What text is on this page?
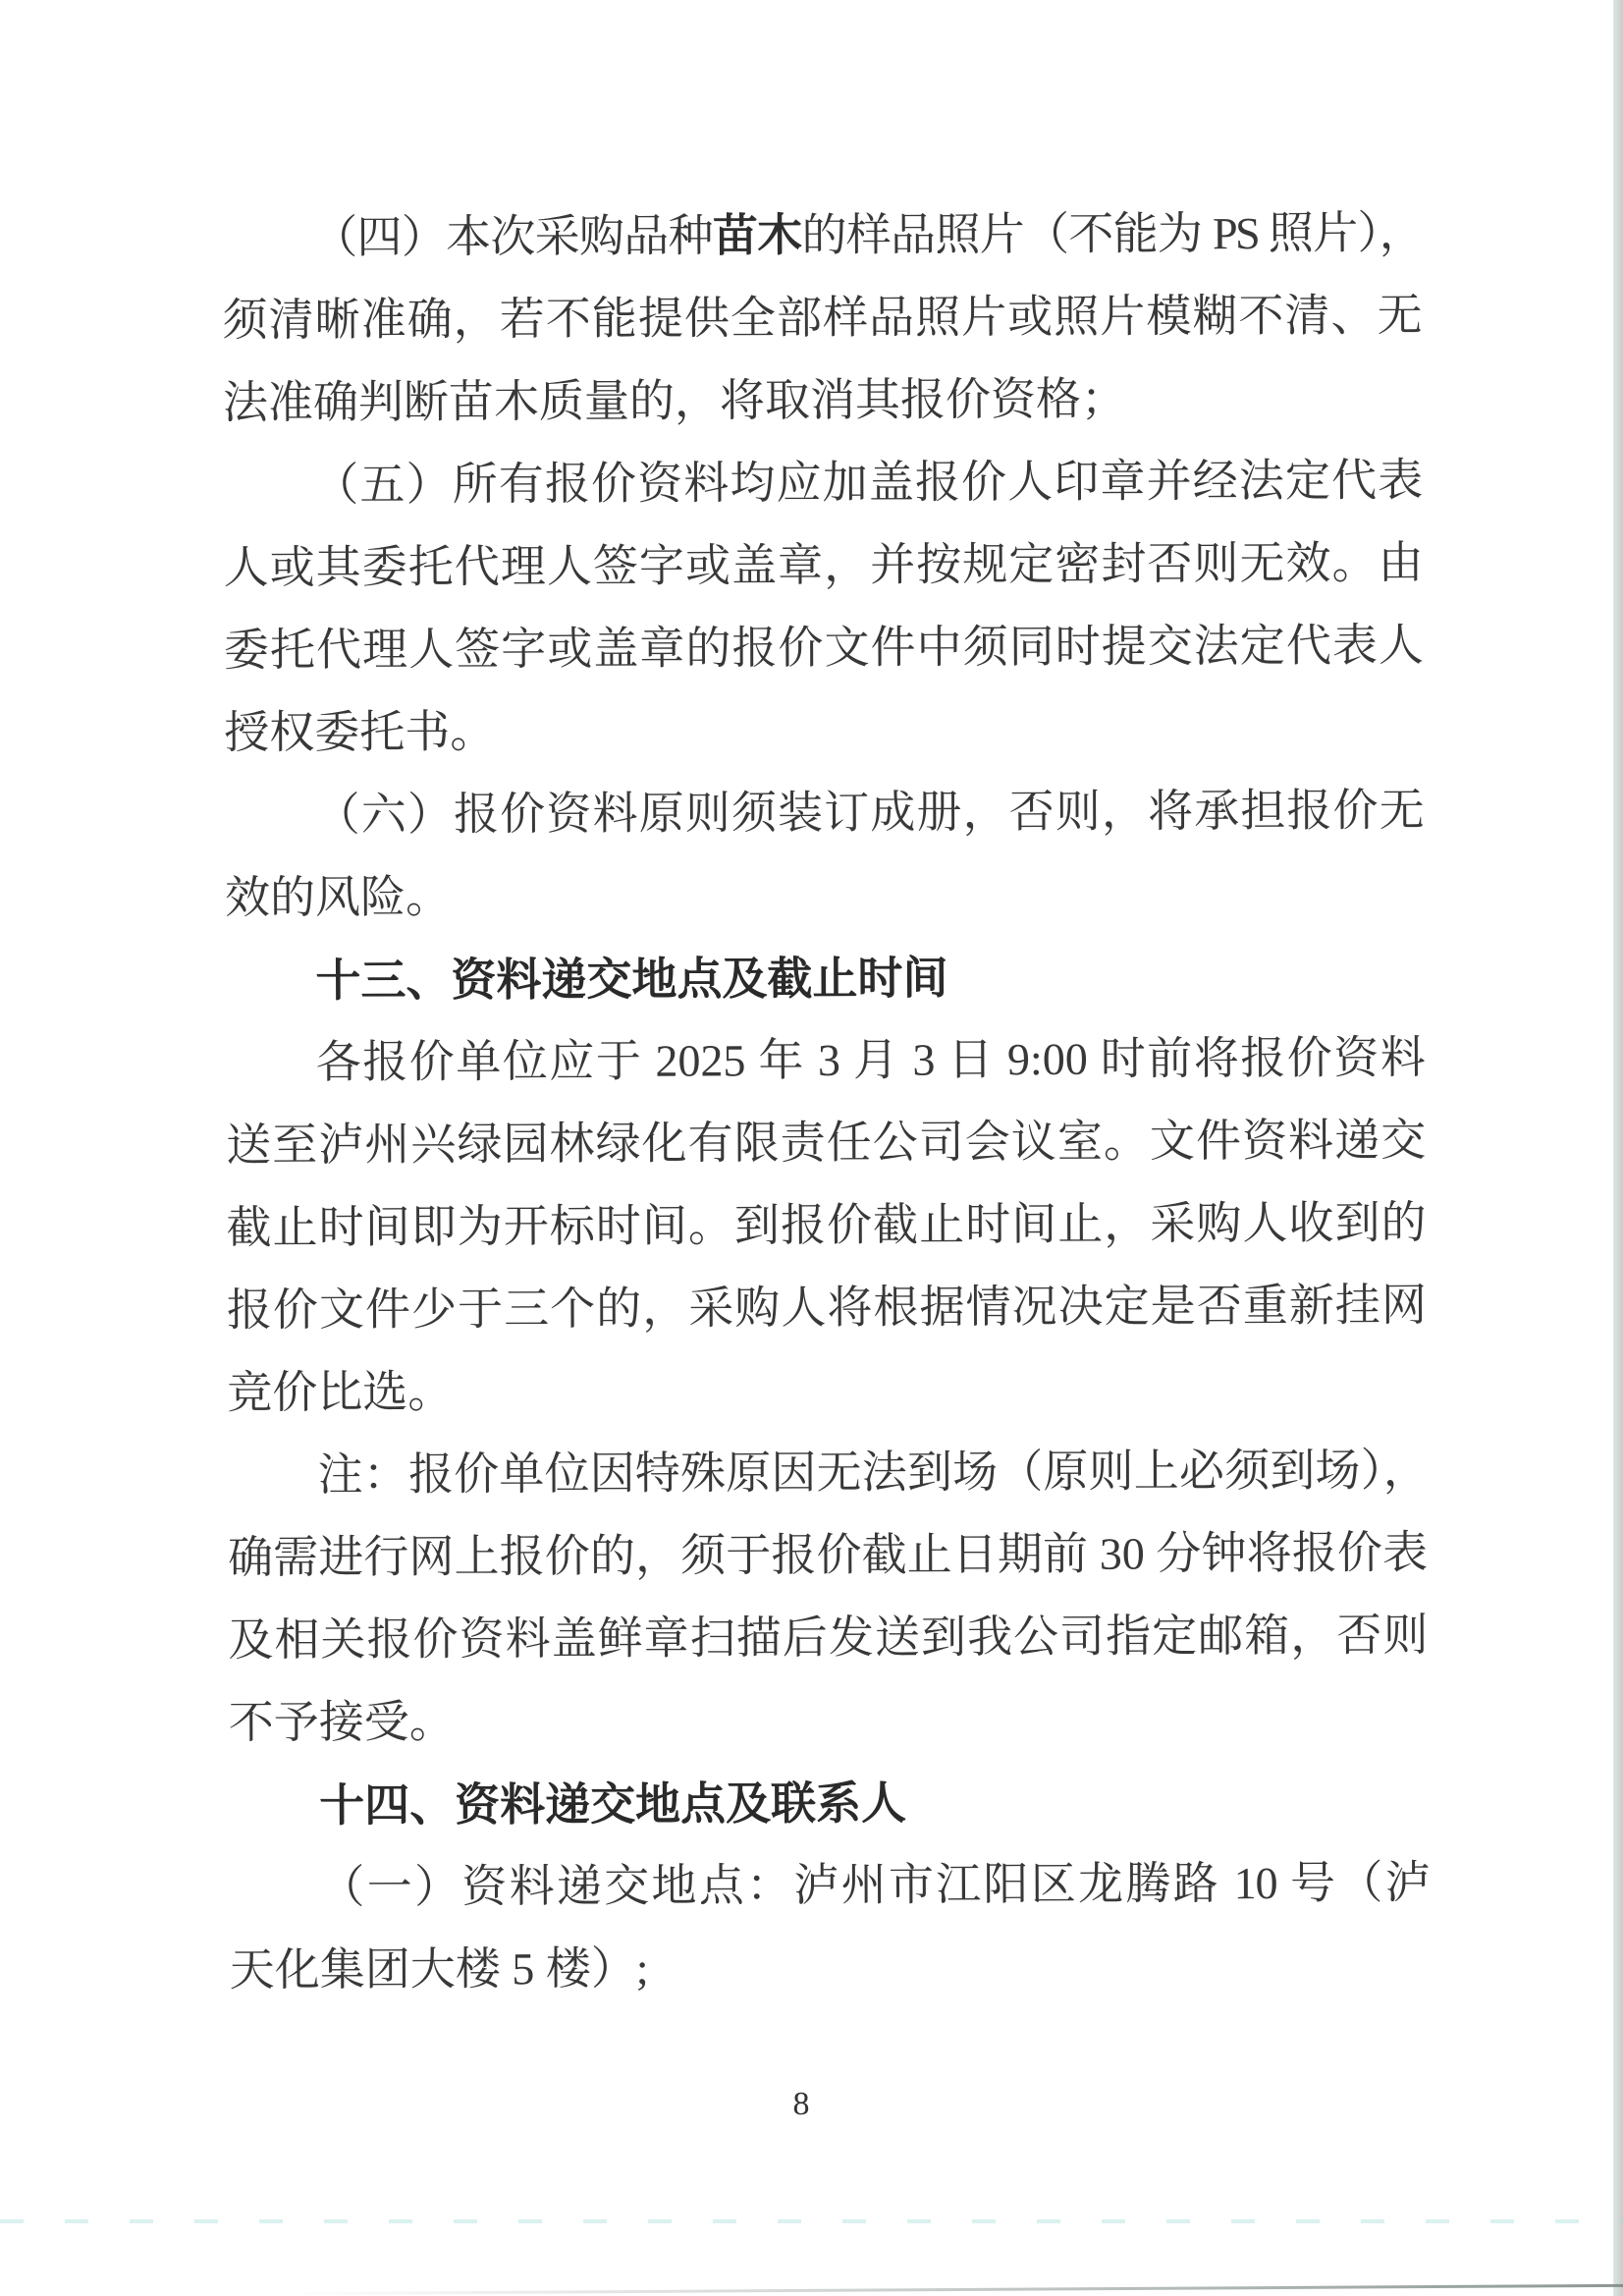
（四）本次采购品种苗木的样品照片（不能为 PS 照片），
须清晰准确，若不能提供全部样品照片或照片模糊不清、无
法准确判断苗木质量的，将取消其报价资格；
（五）所有报价资料均应加盖报价人印章并经法定代表
人或其委托代理人签字或盖章，并按规定密封否则无效。由
委托代理人签字或盖章的报价文件中须同时提交法定代表人
授权委托书。
（六）报价资料原则须装订成册，否则，将承担报价无
效的风险。
十三、资料递交地点及截止时间
各报价单位应于 2025 年 3 月 3 日 9:00 时前将报价资料
送至泸州兴绿园林绿化有限责任公司会议室。文件资料递交
截止时间即为开标时间。到报价截止时间止，采购人收到的
报价文件少于三个的，采购人将根据情况决定是否重新挂网
竞价比选。
注：报价单位因特殊原因无法到场（原则上必须到场），
确需进行网上报价的，须于报价截止日期前 30 分钟将报价表
及相关报价资料盖鲜章扫描后发送到我公司指定邮箱，否则
不予接受。
十四、资料递交地点及联系人
（一）资料递交地点：泸州市江阳区龙腾路 10 号（泸
天化集团大楼 5 楼）;
8
